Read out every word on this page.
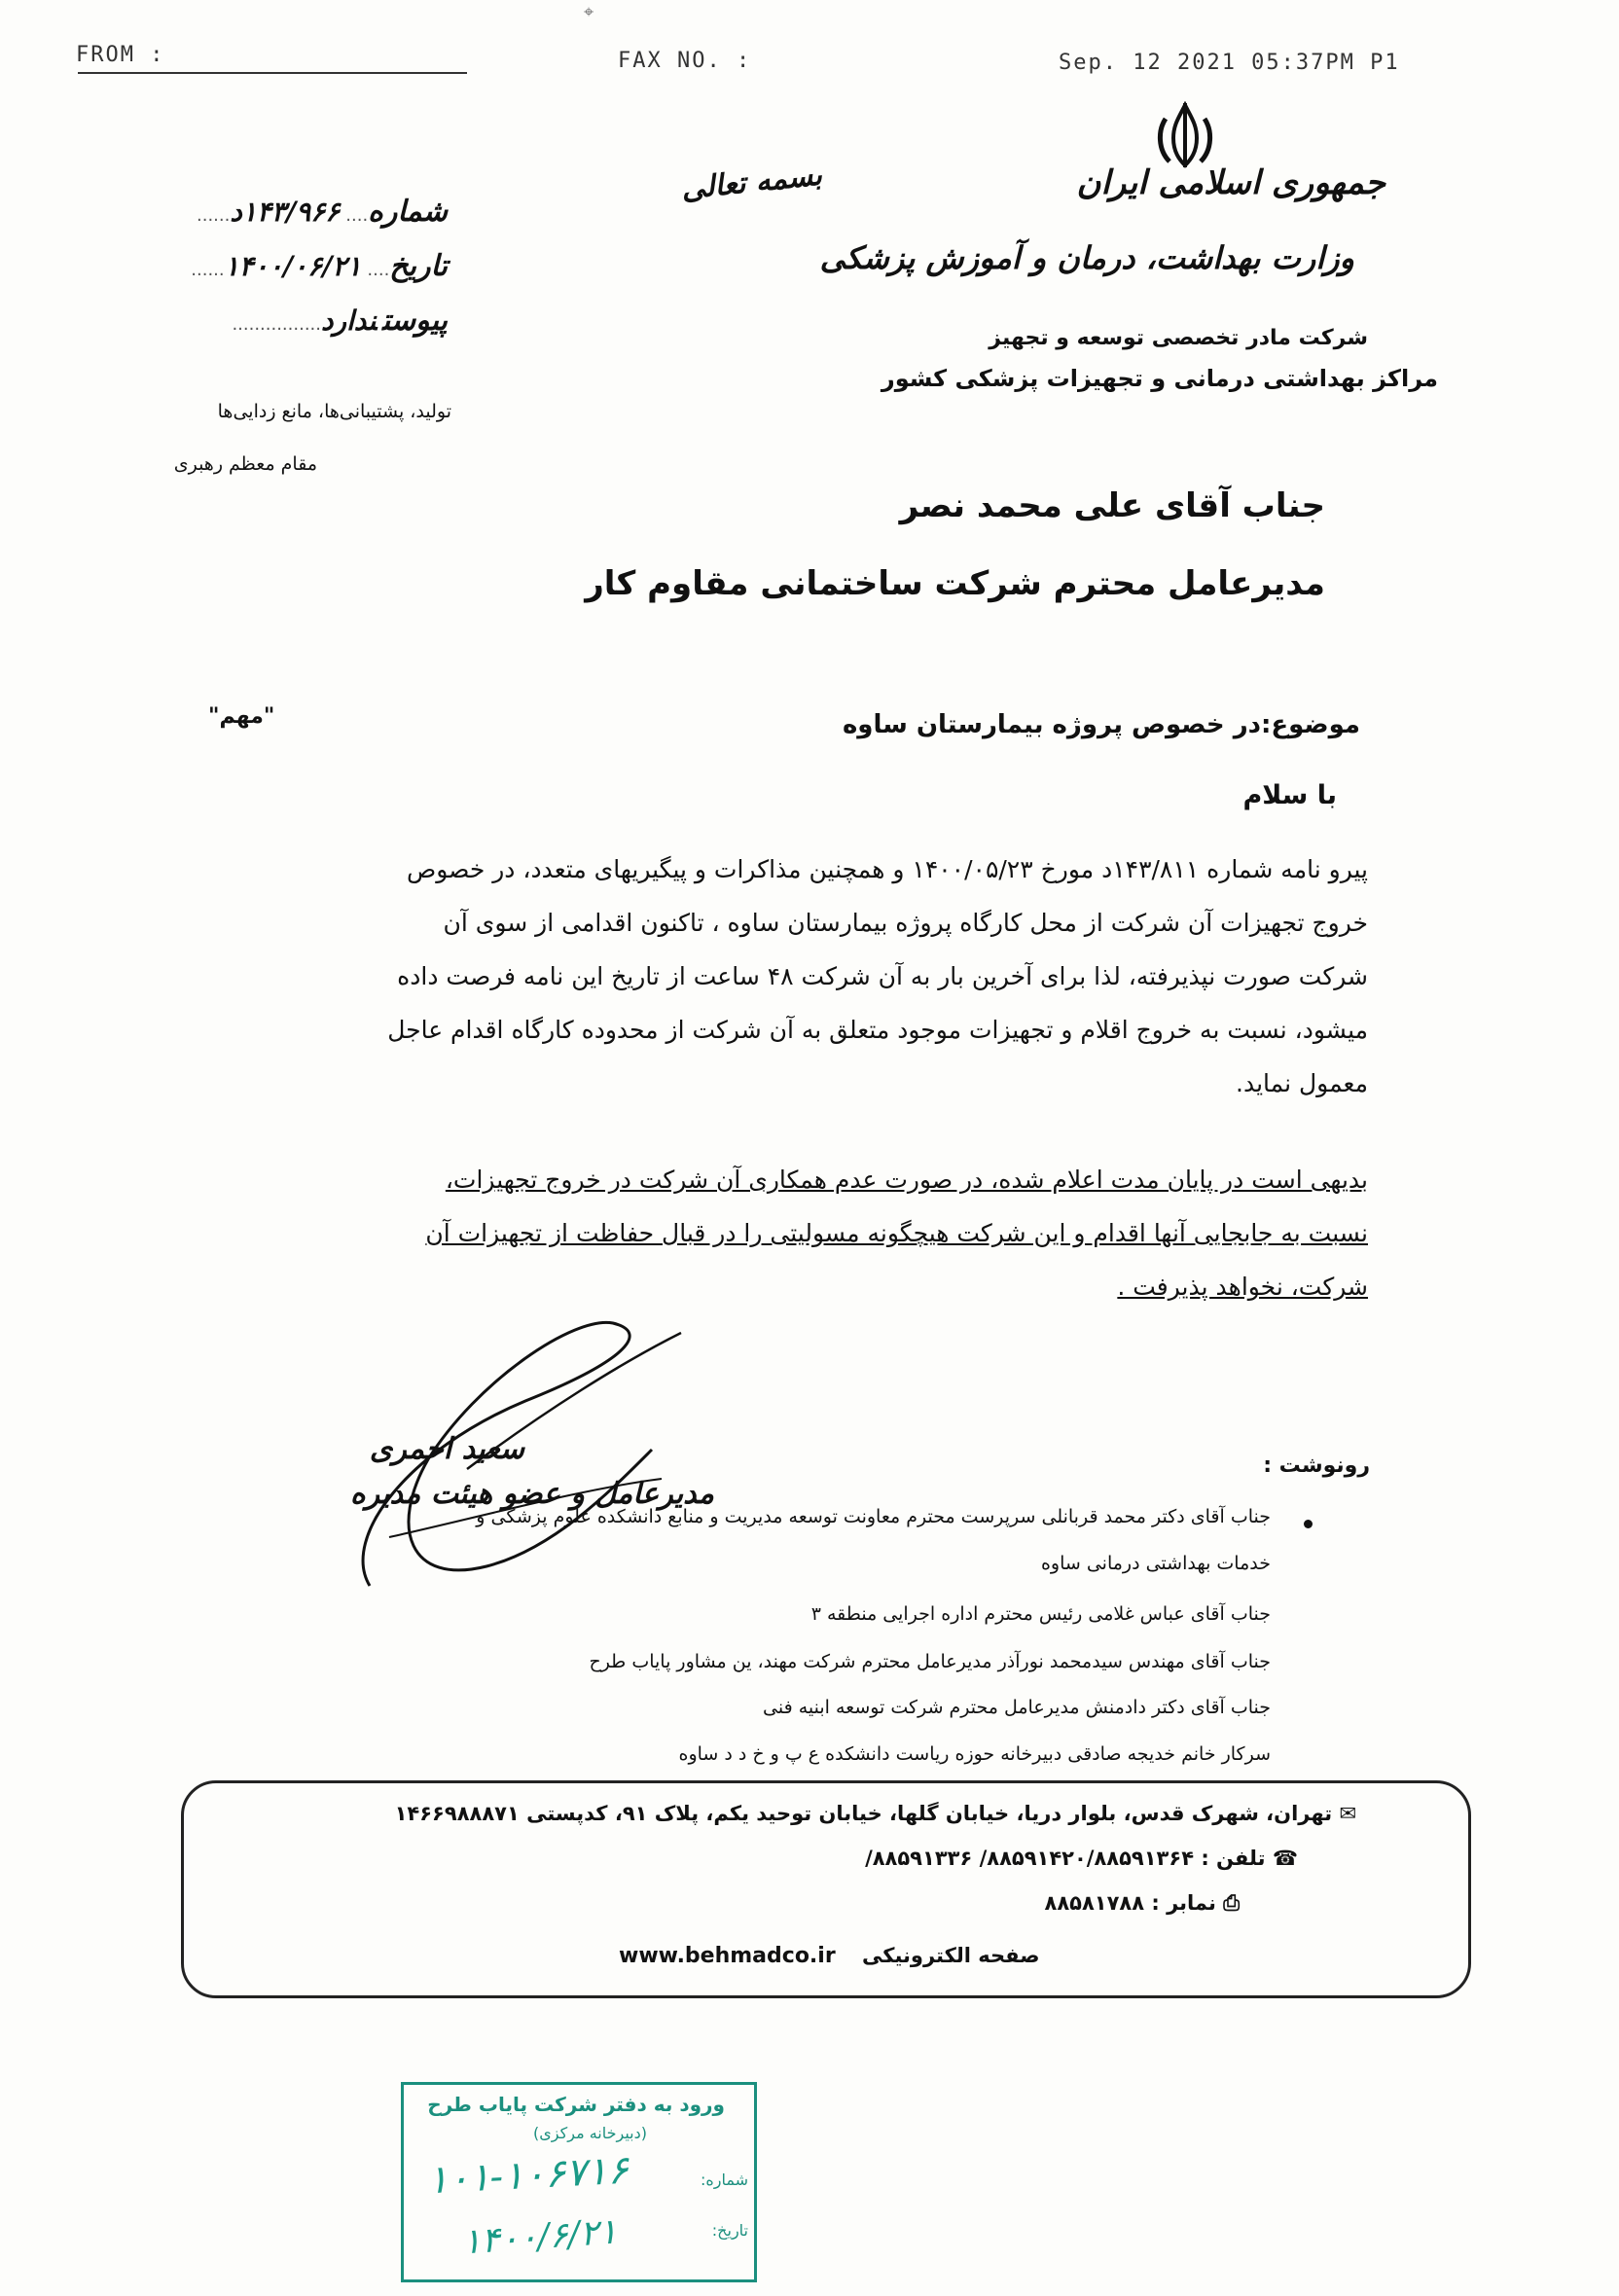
FROM :	FAX NO. :	Sep. 12 2021 05:37PM P1
⌖
جمهوری اسلامی ایران
وزارت بهداشت، درمان و آموزش پزشکی
شرکت مادر تخصصی توسعه و تجهیز
مراکز بهداشتی درمانی و تجهیزات پزشکی کشور
بسمه تعالی
شماره....۱۴۳/۹۶۶د......
تاریخ....۱۴۰۰/۰۶/۲۱......
پیوستندارد................
تولید، پشتیبانی‌ها، مانع زدایی‌ها
مقام معظم رهبری
جناب آقای علی محمد نصر
مدیرعامل محترم شرکت ساختمانی مقاوم کار
"مهم"	موضوع:در خصوص پروژه بیمارستان ساوه
با سلام
پیرو نامه شماره ۱۴۳/۸۱۱د مورخ ۱۴۰۰/۰۵/۲۳ و همچنین مذاکرات و پیگیریهای متعدد، در خصوص خروج تجهیزات آن شرکت از محل کارگاه پروژه بیمارستان ساوه ، تاکنون اقدامی از سوی آن شرکت صورت نپذیرفته، لذا برای آخرین بار به آن شرکت ۴۸ ساعت از تاریخ این نامه فرصت داده میشود، نسبت به خروج اقلام و تجهیزات موجود متعلق به آن شرکت از محدوده کارگاه اقدام عاجل معمول نماید.
بدیهی است در پایان مدت اعلام شده، در صورت عدم همکاری آن شرکت در خروج تجهیزات، نسبت به جابجایی آنها اقدام و این شرکت هیچگونه مسولیتی را در قبال حفاظت از تجهیزات آن شرکت، نخواهد پذیرفت .
سعید احمری
مدیرعامل و عضو هیئت مدیره
رونوشت :
جناب آقای دکتر محمد قربانلی سرپرست محترم معاونت توسعه مدیریت و منابع دانشکده علوم پزشکی و
خدمات بهداشتی درمانی ساوه
جناب آقای عباس غلامی رئیس محترم اداره اجرایی منطقه ۳
جناب آقای مهندس سیدمحمد نورآذر مدیرعامل محترم شرکت مهند، ین مشاور پایاب طرح
جناب آقای دکتر دادمنش مدیرعامل محترم شرکت توسعه ابنیه فنی
سرکار خانم خدیجه صادقی دبیرخانه حوزه ریاست دانشکده ع پ و خ د د ساوه
✉ تهران، شهرک قدس، بلوار دریا، خیابان گلها، خیابان توحید یکم، پلاک ۹۱، کدپستی ۱۴۶۶۹۸۸۸۷۱
☎ تلفن : ۸۸۵۹۱۴۲۰/۸۸۵۹۱۳۶۴/ ۸۸۵۹۱۳۳۶/
⎙ نمابر : ۸۸۵۸۱۷۸۸
www.behmadco.ir صفحه الکترونیکی
ورود به دفتر شرکت پایاب طرح
(دبیرخانه مرکزی)
شماره:
تاریخ:
۱۰۱-۱۰۶۷۱۶
۱۴۰۰/۶/۲۱
